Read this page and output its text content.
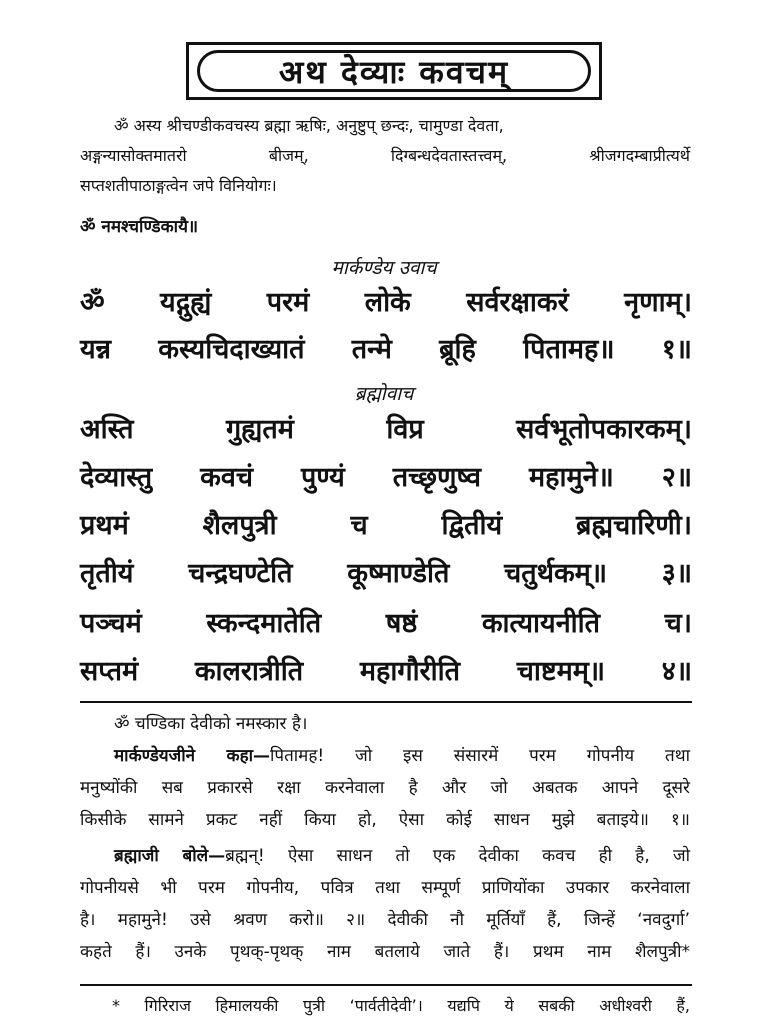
अथ देव्याः कवचम्
ॐ अस्य श्रीचण्डीकवचस्य ब्रह्मा ऋषिः, अनुष्टुप् छन्दः, चामुण्डा देवता,
अङ्गन्यासोक्तमातरो बीजम्, दिग्बन्धदेवतास्तत्त्वम्, श्रीजगदम्बाप्रीत्यर्थे
सप्तशतीपाठाङ्गत्वेन जपे विनियोगः।
ॐ नमश्चण्डिकायै॥
मार्कण्डेय उवाच
ॐ यद्गुह्यं परमं लोके सर्वरक्षाकरं नृणाम्।
यन्न कस्यचिदाख्यातं तन्मे ब्रूहि पितामह॥ १॥
ब्रह्मोवाच
अस्ति गुह्यतमं विप्र सर्वभूतोपकारकम्।
देव्यास्तु कवचं पुण्यं तच्छृणुष्व महामुने॥ २॥
प्रथमं शैलपुत्री च द्वितीयं ब्रह्मचारिणी।
तृतीयं चन्द्रघण्टेति कूष्माण्डेति चतुर्थकम्॥ ३॥
पञ्चमं स्कन्दमातेति षष्ठं कात्यायनीति च।
सप्तमं कालरात्रीति महागौरीति चाष्टमम्॥ ४॥
ॐ चण्डिका देवीको नमस्कार है।
मार्कण्डेयजीने कहा—पितामह! जो इस संसारमें परम गोपनीय तथा
मनुष्योंकी सब प्रकारसे रक्षा करनेवाला है और जो अबतक आपने दूसरे
किसीके सामने प्रकट नहीं किया हो, ऐसा कोई साधन मुझे बताइये॥ १॥
ब्रह्माजी बोले—ब्रह्मन्! ऐसा साधन तो एक देवीका कवच ही है, जो
गोपनीयसे भी परम गोपनीय, पवित्र तथा सम्पूर्ण प्राणियोंका उपकार करनेवाला
है। महामुने! उसे श्रवण करो॥ २॥ देवीकी नौ मूर्तियाँ हैं, जिन्हें ‘नवदुर्गा’
कहते हैं। उनके पृथक्-पृथक् नाम बतलाये जाते हैं। प्रथम नाम शैलपुत्री*
* गिरिराज हिमालयकी पुत्री ‘पार्वतीदेवी’। यद्यपि ये सबकी अधीश्वरी हैं,
